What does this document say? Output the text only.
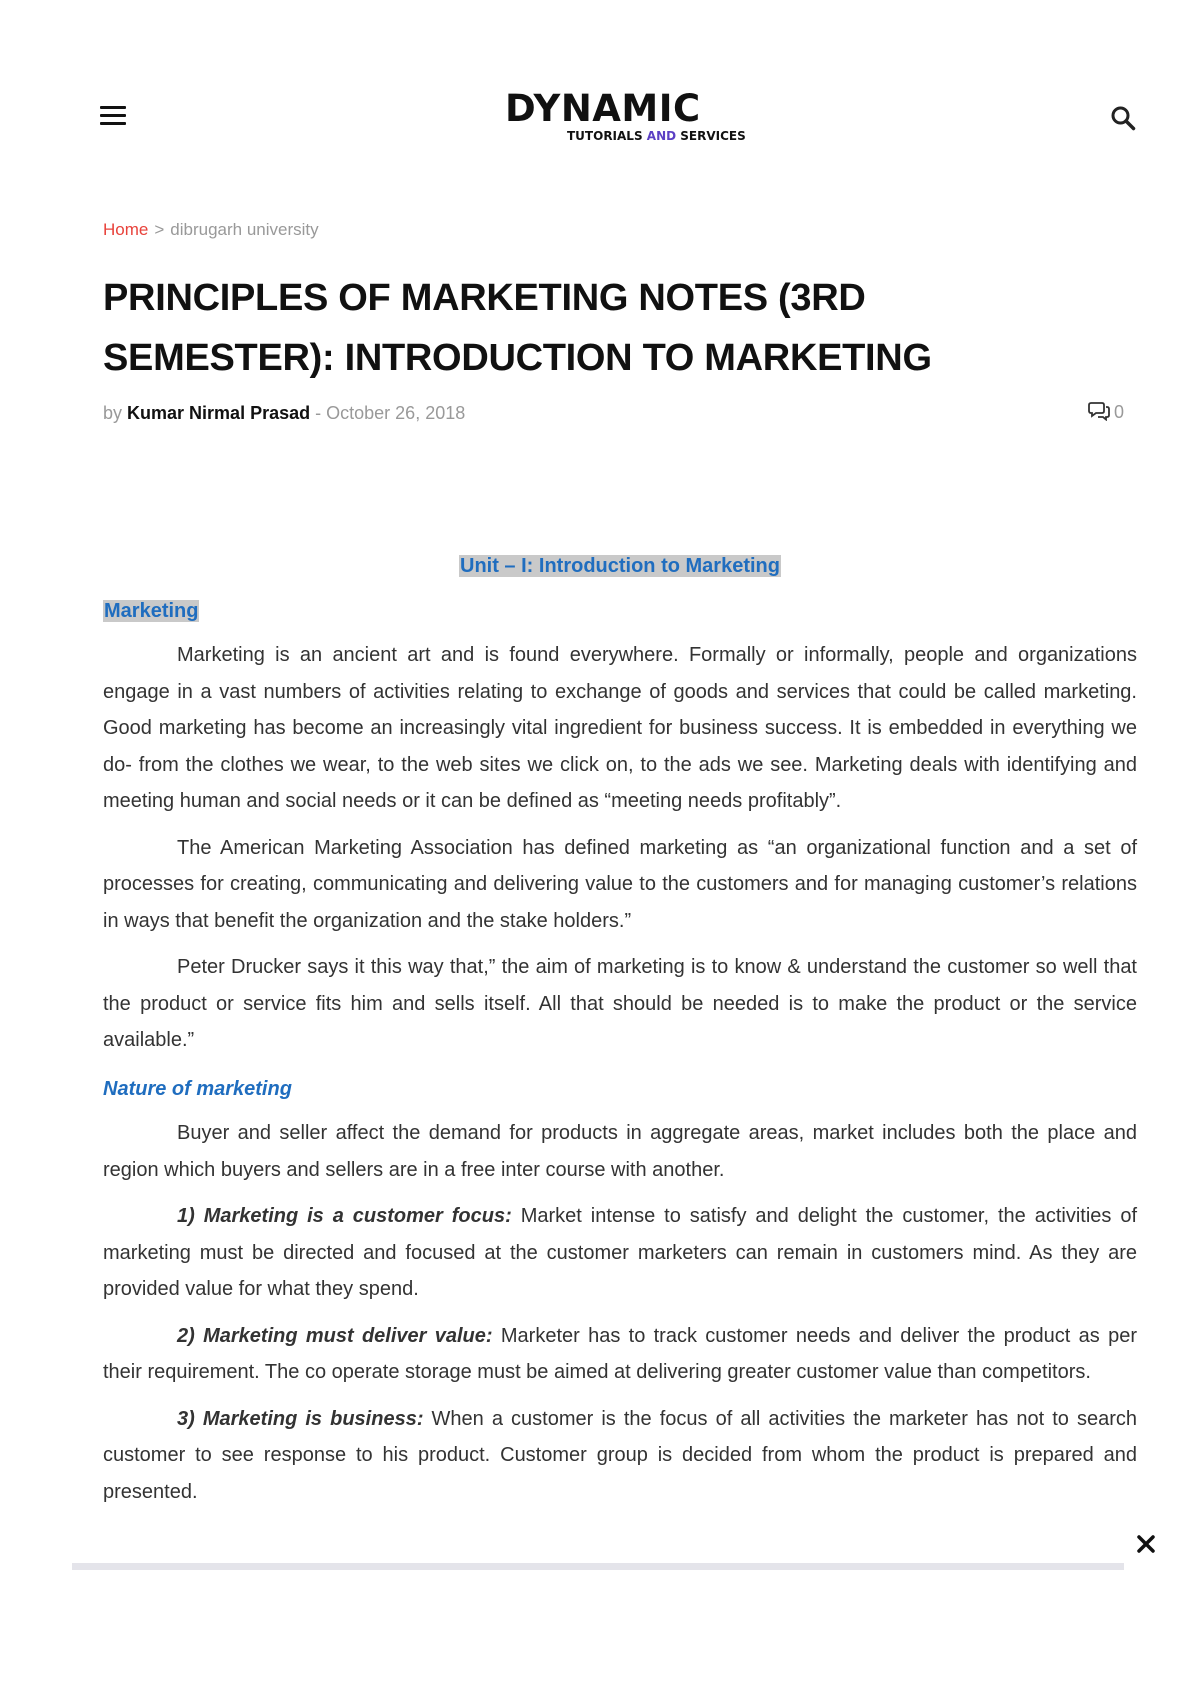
DYNAMIC
TUTORIALS AND SERVICES
Home > dibrugarh university
PRINCIPLES OF MARKETING NOTES (3RD SEMESTER): INTRODUCTION TO MARKETING
by Kumar Nirmal Prasad - October 26, 2018	0

Unit – I: Introduction to Marketing

Marketing

Marketing is an ancient art and is found everywhere. Formally or informally, people and organizations engage in a vast numbers of activities relating to exchange of goods and services that could be called marketing. Good marketing has become an increasingly vital ingredient for business success. It is embedded in everything we do- from the clothes we wear, to the web sites we click on, to the ads we see. Marketing deals with identifying and meeting human and social needs or it can be defined as “meeting needs profitably”.

The American Marketing Association has defined marketing as “an organizational function and a set of processes for creating, communicating and delivering value to the customers and for managing customer’s relations in ways that benefit the organization and the stake holders.”

Peter Drucker says it this way that,” the aim of marketing is to know & understand the customer so well that the product or service fits him and sells itself. All that should be needed is to make the product or the service available.”

Nature of marketing

Buyer and seller affect the demand for products in aggregate areas, market includes both the place and region which buyers and sellers are in a free inter course with another.

1) Marketing is a customer focus: Market intense to satisfy and delight the customer, the activities of marketing must be directed and focused at the customer marketers can remain in customers mind. As they are provided value for what they spend.

2) Marketing must deliver value: Marketer has to track customer needs and deliver the product as per their requirement. The co operate storage must be aimed at delivering greater customer value than competitors.

3) Marketing is business: When a customer is the focus of all activities the marketer has not to search customer to see response to his product. Customer group is decided from whom the product is prepared and presented.
